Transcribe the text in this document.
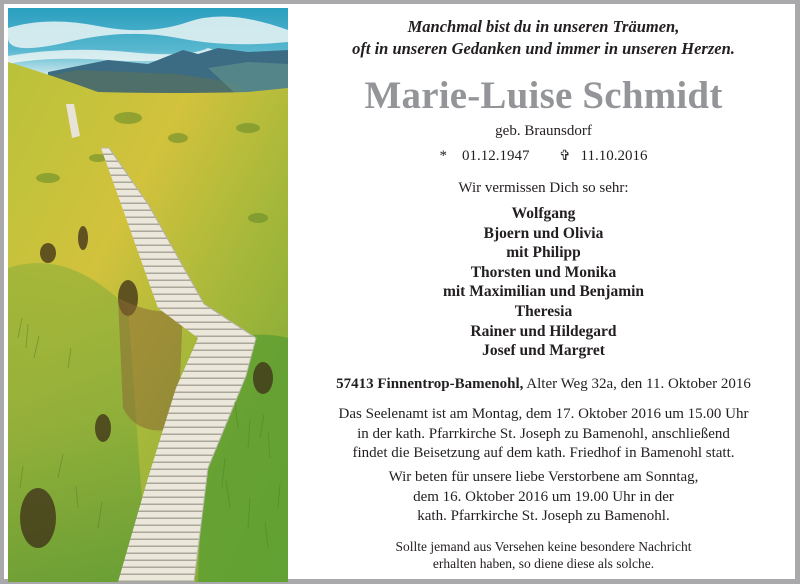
Manchmal bist du in unseren Träumen,
oft in unseren Gedanken und immer in unseren Herzen.
Marie-Luise Schmidt
geb. Braunsdorf
* 01.12.1947 ✞ 11.10.2016
Wir vermissen Dich so sehr:
Wolfgang
Bjoern und Olivia
mit Philipp
Thorsten und Monika
mit Maximilian und Benjamin
Theresia
Rainer und Hildegard
Josef und Margret
57413 Finnentrop-Bamenohl, Alter Weg 32a, den 11. Oktober 2016
Das Seelenamt ist am Montag, dem 17. Oktober 2016 um 15.00 Uhr
in der kath. Pfarrkirche St. Joseph zu Bamenohl, anschließend
findet die Beisetzung auf dem kath. Friedhof in Bamenohl statt.
Wir beten für unsere liebe Verstorbene am Sonntag,
dem 16. Oktober 2016 um 19.00 Uhr in der
kath. Pfarrkirche St. Joseph zu Bamenohl.
Sollte jemand aus Versehen keine besondere Nachricht
erhalten haben, so diene diese als solche.
